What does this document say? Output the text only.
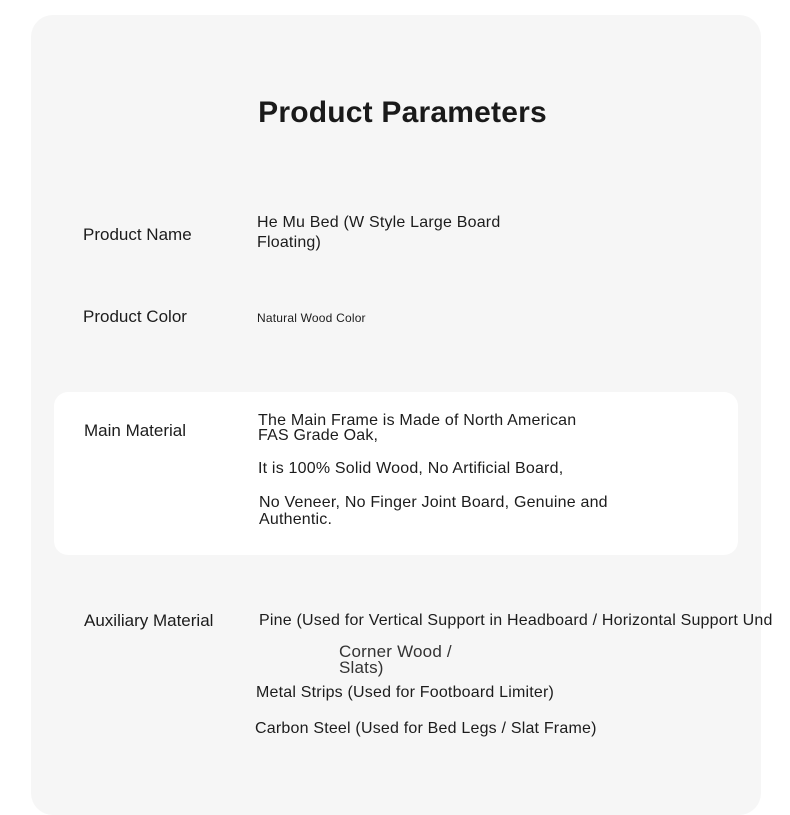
Product Parameters
Product Name
He Mu Bed (W Style Large Board
Floating)
Product Color	Natural Wood Color
Main Material
The Main Frame is Made of North American
FAS Grade Oak,
It is 100% Solid Wood, No Artificial Board,
No Veneer, No Finger Joint Board, Genuine and
Authentic.
Auxiliary Material	Pine (Used for Vertical Support in Headboard / Horizontal Support Und
Corner Wood /
Slats)
Metal Strips (Used for Footboard Limiter)
Carbon Steel (Used for Bed Legs / Slat Frame)
